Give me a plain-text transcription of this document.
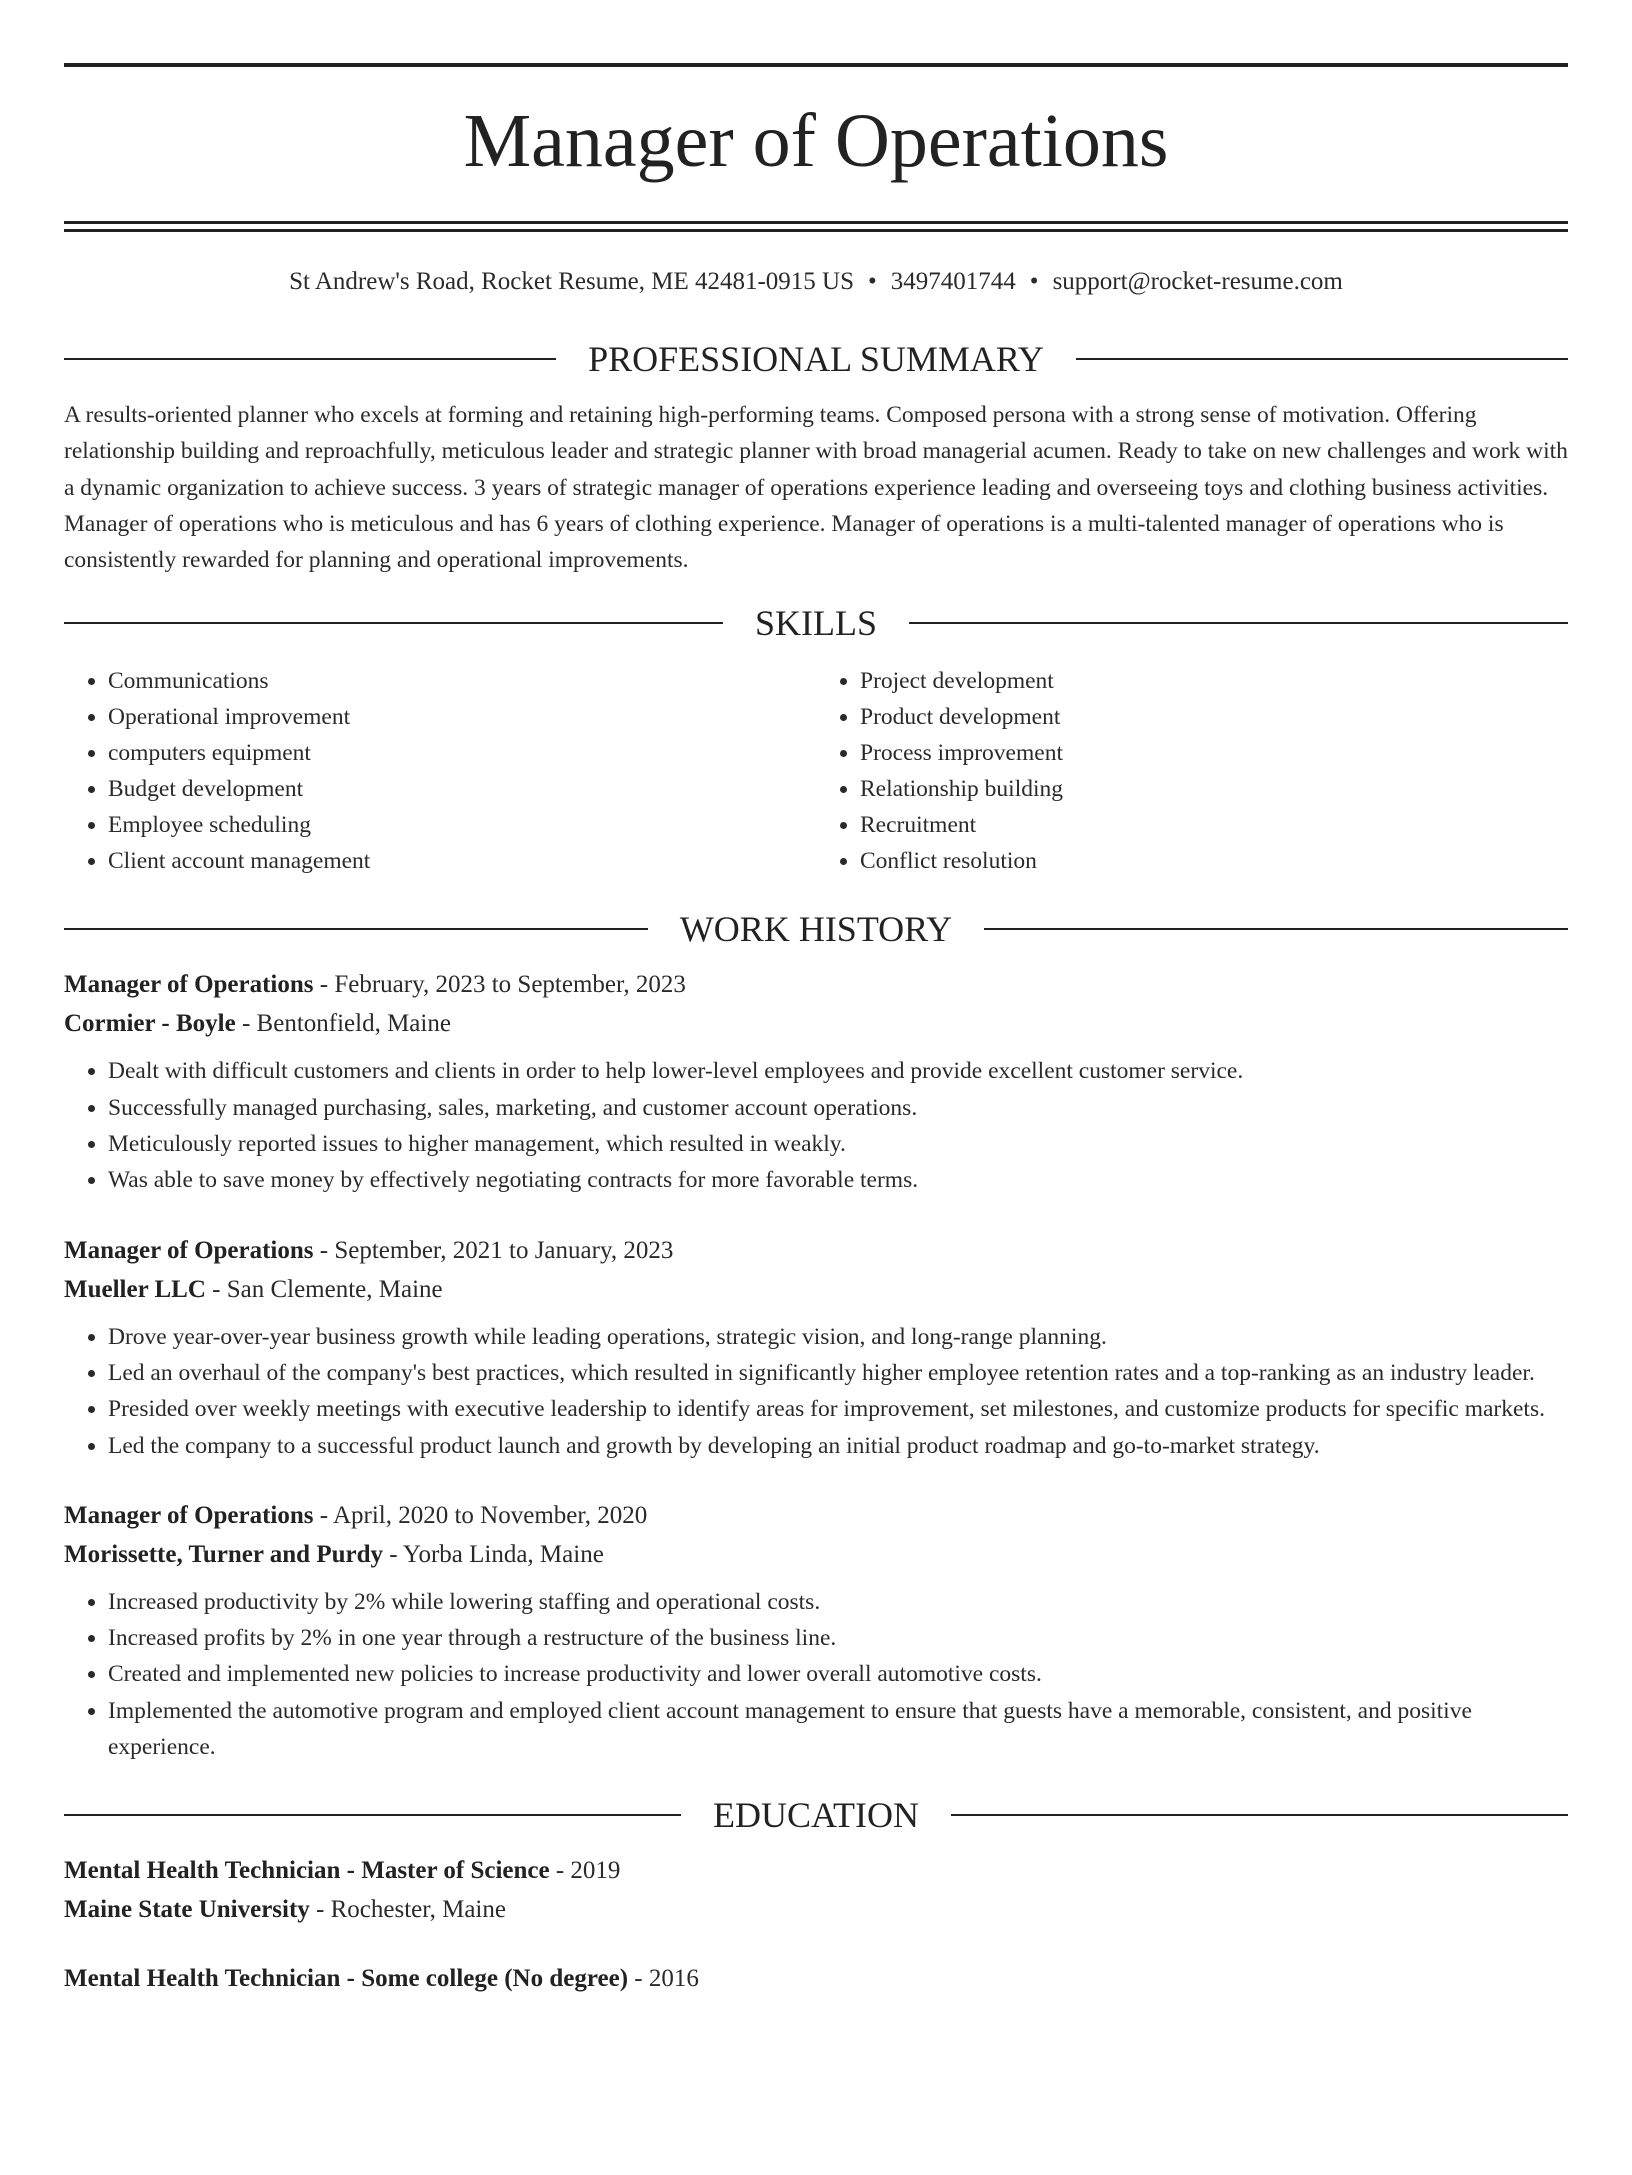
Manager of Operations
St Andrew's Road, Rocket Resume, ME 42481-0915 US • 3497401744 • support@rocket-resume.com
PROFESSIONAL SUMMARY

A results-oriented planner who excels at forming and retaining high-performing teams. Composed persona with a strong sense of motivation. Offering relationship building and reproachfully, meticulous leader and strategic planner with broad managerial acumen. Ready to take on new challenges and work with a dynamic organization to achieve success. 3 years of strategic manager of operations experience leading and overseeing toys and clothing business activities. Manager of operations who is meticulous and has 6 years of clothing experience. Manager of operations is a multi-talented manager of operations who is consistently rewarded for planning and operational improvements.

SKILLS
• Communications
• Operational improvement
• computers equipment
• Budget development
• Employee scheduling
• Client account management
• Project development
• Product development
• Process improvement
• Relationship building
• Recruitment
• Conflict resolution
WORK HISTORY
Manager of Operations - February, 2023 to September, 2023
Cormier - Boyle - Bentonfield, Maine
• Dealt with difficult customers and clients in order to help lower-level employees and provide excellent customer service.
• Successfully managed purchasing, sales, marketing, and customer account operations.
• Meticulously reported issues to higher management, which resulted in weakly.
• Was able to save money by effectively negotiating contracts for more favorable terms.
Manager of Operations - September, 2021 to January, 2023
Mueller LLC - San Clemente, Maine
• Drove year-over-year business growth while leading operations, strategic vision, and long-range planning.
• Led an overhaul of the company's best practices, which resulted in significantly higher employee retention rates and a top-ranking as an industry leader.
• Presided over weekly meetings with executive leadership to identify areas for improvement, set milestones, and customize products for specific markets.
• Led the company to a successful product launch and growth by developing an initial product roadmap and go-to-market strategy.
Manager of Operations - April, 2020 to November, 2020
Morissette, Turner and Purdy - Yorba Linda, Maine
• Increased productivity by 2% while lowering staffing and operational costs.
• Increased profits by 2% in one year through a restructure of the business line.
• Created and implemented new policies to increase productivity and lower overall automotive costs.
• Implemented the automotive program and employed client account management to ensure that guests have a memorable, consistent, and positive experience.
EDUCATION
Mental Health Technician - Master of Science - 2019
Maine State University - Rochester, Maine
Mental Health Technician - Some college (No degree) - 2016
